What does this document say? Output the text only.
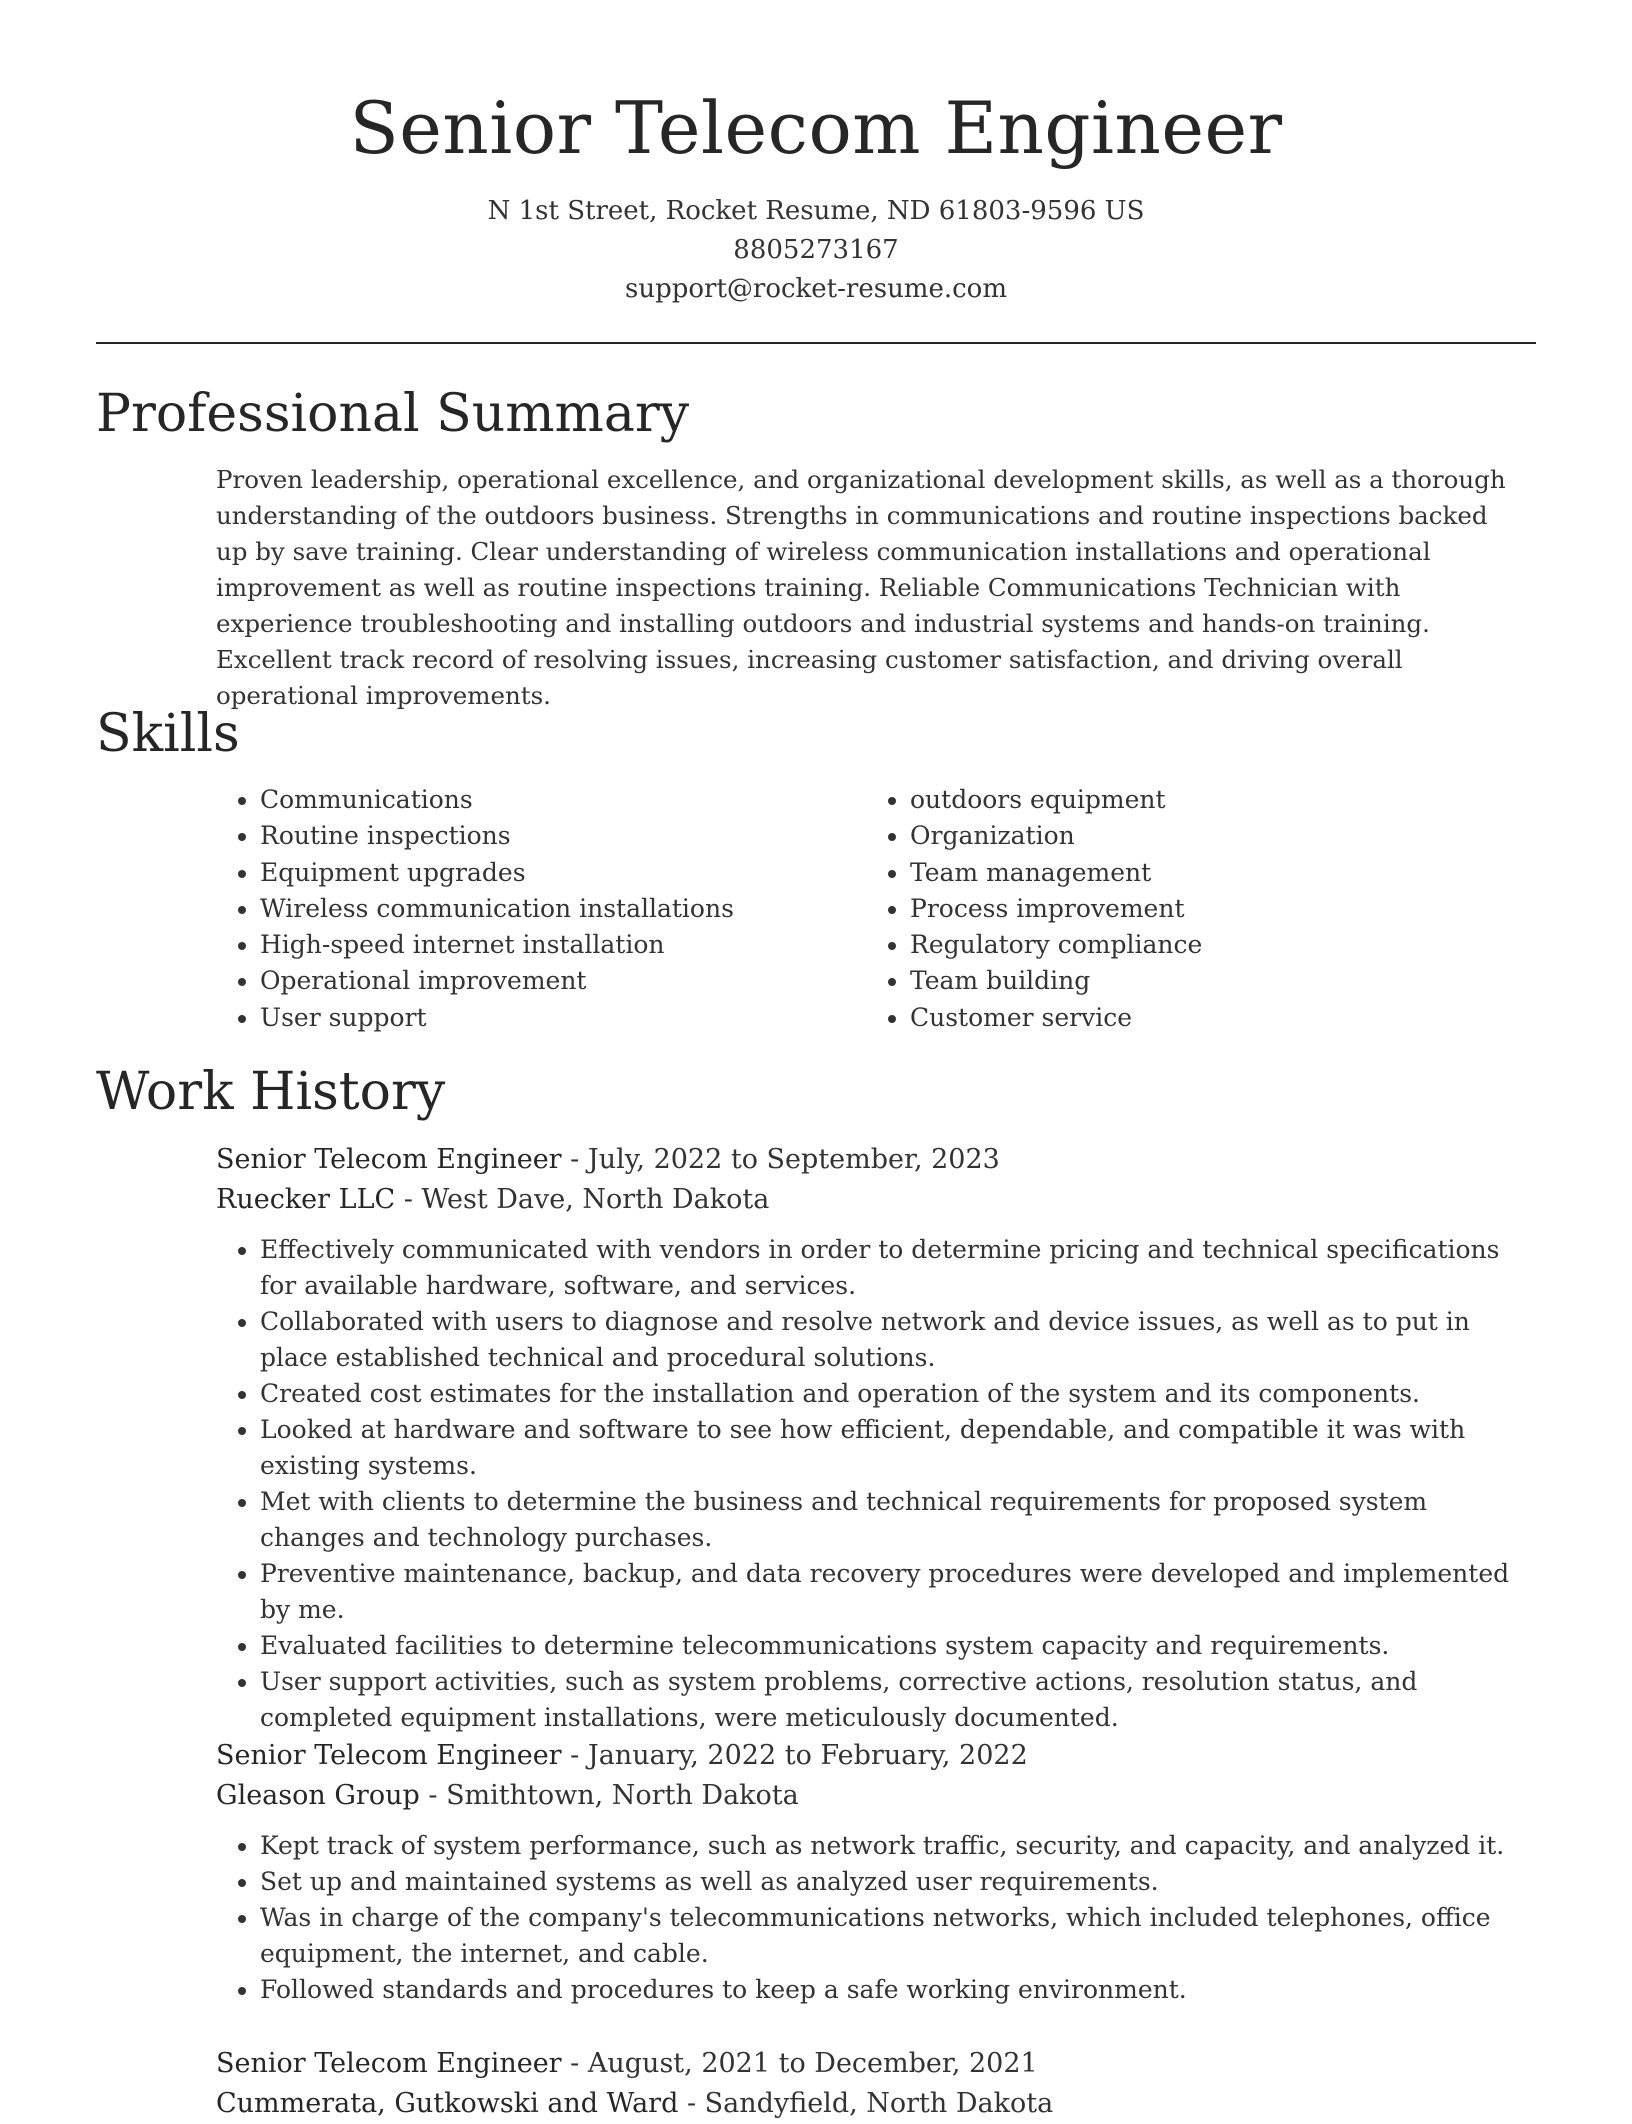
Senior Telecom Engineer
N 1st Street, Rocket Resume, ND 61803-9596 US
8805273167
support@rocket-resume.com
Professional Summary

Proven leadership, operational excellence, and organizational development skills, as well as a thorough understanding of the outdoors business. Strengths in communications and routine inspections backed up by save training. Clear understanding of wireless communication installations and operational improvement as well as routine inspections training. Reliable Communications Technician with experience troubleshooting and installing outdoors and industrial systems and hands-on training. Excellent track record of resolving issues, increasing customer satisfaction, and driving overall operational improvements.

Skills
• Communications
• Routine inspections
• Equipment upgrades
• Wireless communication installations
• High-speed internet installation
• Operational improvement
• User support
• outdoors equipment
• Organization
• Team management
• Process improvement
• Regulatory compliance
• Team building
• Customer service
Work History
Senior Telecom Engineer - July, 2022 to September, 2023
Ruecker LLC - West Dave, North Dakota
• Effectively communicated with vendors in order to determine pricing and technical specifications for available hardware, software, and services.
• Collaborated with users to diagnose and resolve network and device issues, as well as to put in place established technical and procedural solutions.
• Created cost estimates for the installation and operation of the system and its components.
• Looked at hardware and software to see how efficient, dependable, and compatible it was with existing systems.
• Met with clients to determine the business and technical requirements for proposed system changes and technology purchases.
• Preventive maintenance, backup, and data recovery procedures were developed and implemented by me.
• Evaluated facilities to determine telecommunications system capacity and requirements.
• User support activities, such as system problems, corrective actions, resolution status, and completed equipment installations, were meticulously documented.
Senior Telecom Engineer - January, 2022 to February, 2022
Gleason Group - Smithtown, North Dakota
• Kept track of system performance, such as network traffic, security, and capacity, and analyzed it.
• Set up and maintained systems as well as analyzed user requirements.
• Was in charge of the company's telecommunications networks, which included telephones, office equipment, the internet, and cable.
• Followed standards and procedures to keep a safe working environment.
Senior Telecom Engineer - August, 2021 to December, 2021
Cummerata, Gutkowski and Ward - Sandyfield, North Dakota
